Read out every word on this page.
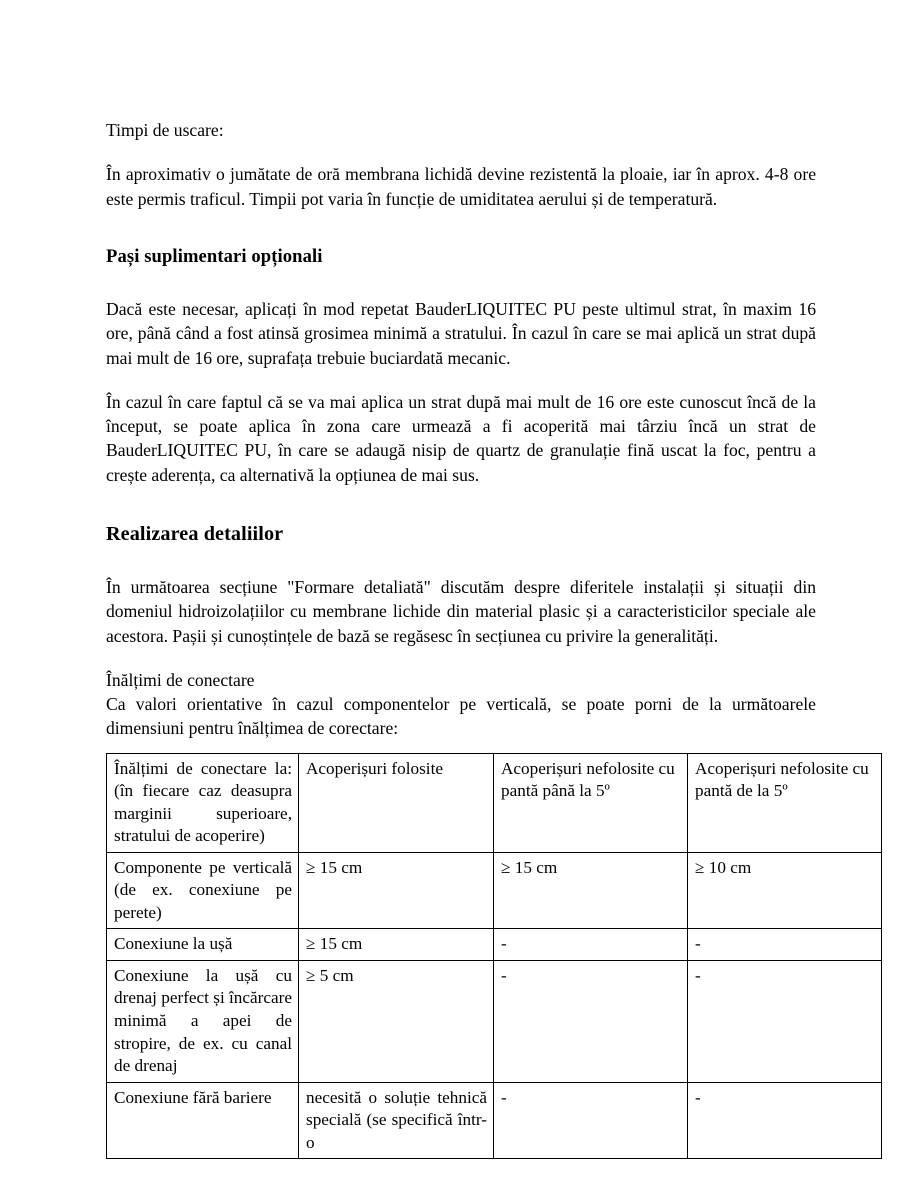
Timpi de uscare:

În aproximativ o jumătate de oră membrana lichidă devine rezistentă la ploaie, iar în aprox. 4-8 ore este permis traficul. Timpii pot varia în funcție de umiditatea aerului și de temperatură.

Pași suplimentari opționali

Dacă este necesar, aplicați în mod repetat BauderLIQUITEC PU peste ultimul strat, în maxim 16 ore, până când a fost atinsă grosimea minimă a stratului. În cazul în care se mai aplică un strat după mai mult de 16 ore, suprafața trebuie buciardată mecanic.

În cazul în care faptul că se va mai aplica un strat după mai mult de 16 ore este cunoscut încă de la început, se poate aplica în zona care urmează a fi acoperită mai târziu încă un strat de BauderLIQUITEC PU, în care se adaugă nisip de quartz de granulație fină uscat la foc, pentru a crește aderența, ca alternativă la opțiunea de mai sus.

Realizarea detaliilor

În următoarea secțiune "Formare detaliată" discutăm despre diferitele instalații și situații din domeniul hidroizolațiilor cu membrane lichide din material plasic și a caracteristicilor speciale ale acestora. Pașii și cunoștințele de bază se regăsesc în secțiunea cu privire la generalități.

Înălțimi de conectare

Ca valori orientative în cazul componentelor pe verticală, se poate porni de la următoarele dimensiuni pentru înălțimea de corectare:

Înălțimi de conectare la: (în fiecare caz deasupra marginii superioare, stratului de acoperire)	Acoperișuri folosite	Acoperișuri nefolosite cu pantă până la 5º	Acoperișuri nefolosite cu pantă de la 5º

Componente pe verticală (de ex. conexiune pe perete)	≥ 15 cm	≥ 15 cm	≥ 10 cm

Conexiune la ușă	≥ 15 cm	-	-

Conexiune la ușă cu drenaj perfect și încărcare minimă a apei de stropire, de ex. cu canal de drenaj	≥ 5 cm	-	-

Conexiune fără bariere	necesită o soluție tehnică specială (se specifică într-o	-	-
